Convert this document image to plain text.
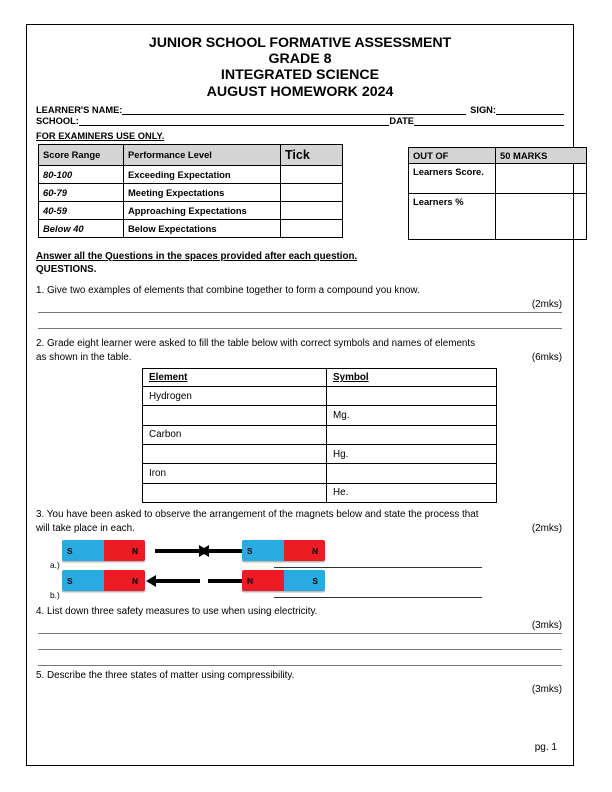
JUNIOR SCHOOL FORMATIVE ASSESSMENT
GRADE 8
INTEGRATED SCIENCE
AUGUST HOMEWORK 2024
LEARNER'S NAME:	SIGN:
SCHOOL:	DATE
FOR EXAMINERS USE ONLY.
Score Range	Performance Level	Tick
80-100	Exceeding Expectation	
60-79	Meeting Expectations	
40-59	Approaching Expectations	
Below 40	Below Expectations	
OUT OF	50 MARKS
Learners Score.	
Learners %	
Answer all the Questions in the spaces provided after each question.
QUESTIONS.
1. Give two examples of elements that combine together to form a compound you know.
(2mks)
2. Grade eight learner were asked to fill the table below with correct symbols and names of elements
as shown in the table.	(6mks)
Element	Symbol
Hydrogen	
	Mg.
Carbon	
	Hg.
Iron	
	He.
3. You have been asked to observe the arrangement of the magnets below and state the process that
will take place in each.	(2mks)
a.)
S	N	S	N
b.)
S	N	N	S
4. List down three safety measures to use when using electricity.
(3mks)
5. Describe the three states of matter using compressibility.
(3mks)
pg. 1
